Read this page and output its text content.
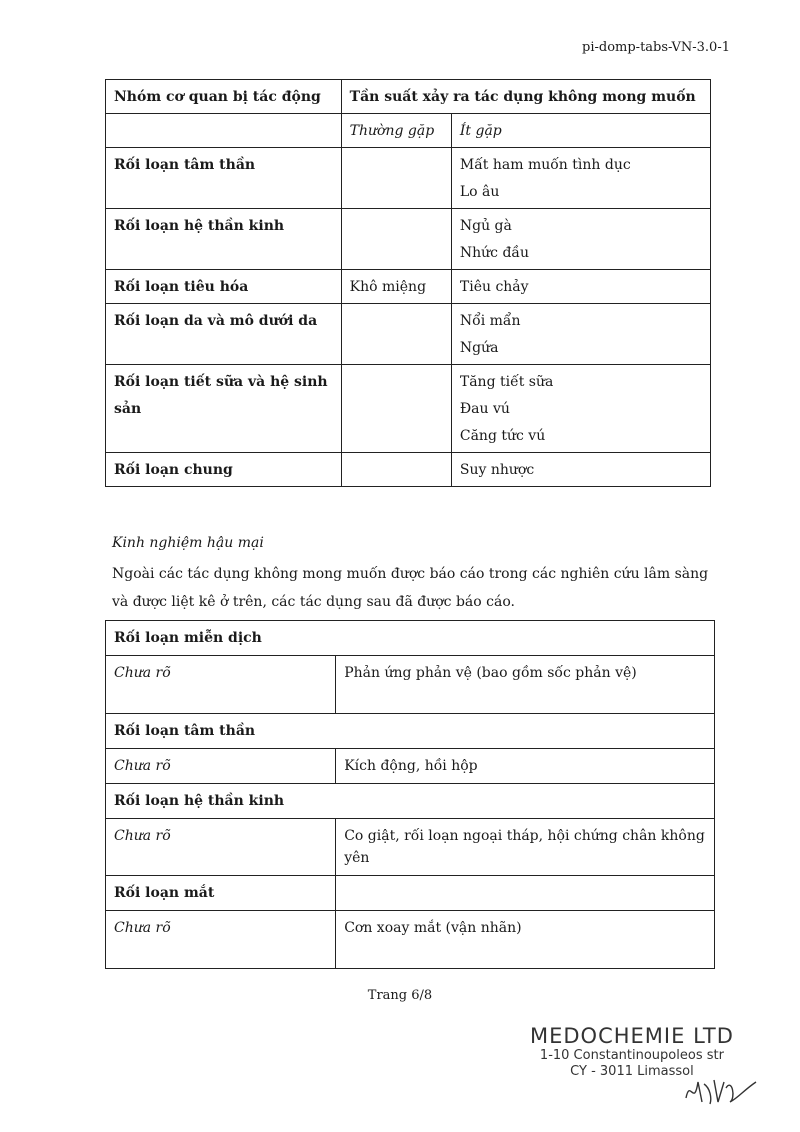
pi-domp-tabs-VN-3.0-1
Nhóm cơ quan bị tác động	Tần suất xảy ra tác dụng không mong muốn	
	Thường gặp	Ít gặp
Rối loạn tâm thần		Mất ham muốn tình dục
Lo âu

Rối loạn hệ thần kinh		Ngủ gà
Nhức đầu

Rối loạn tiêu hóa	Khô miệng	Tiêu chảy

Rối loạn da và mô dưới da		Nổi mẩn
Ngứa

Rối loạn tiết sữa và hệ sinh sản		Tăng tiết sữa
Đau vú
Căng tức vú

Rối loạn chung		Suy nhược
Kinh nghiệm hậu mại
Ngoài các tác dụng không mong muốn được báo cáo trong các nghiên cứu lâm sàng và được liệt kê ở trên, các tác dụng sau đã được báo cáo.
Rối loạn miễn dịch	
Chưa rõ	Phản ứng phản vệ (bao gồm sốc phản vệ)
Rối loạn tâm thần	
Chưa rõ	Kích động, hồi hộp
Rối loạn hệ thần kinh	
Chưa rõ	Co giật, rối loạn ngoại tháp, hội chứng chân không yên
Rối loạn mắt	
Chưa rõ	Cơn xoay mắt (vận nhãn)
Trang 6/8
MEDOCHEMIE LTD
1-10 Constantinoupoleos str
CY - 3011 Limassol
